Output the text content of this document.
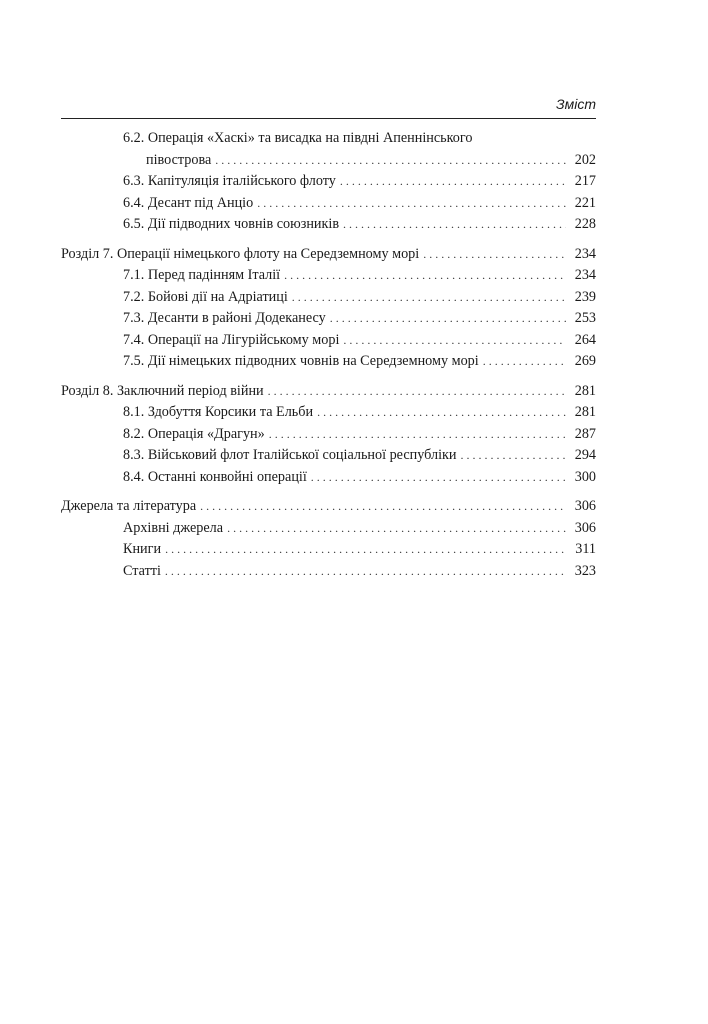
Зміст
6.2. Операція «Хаскі» та висадка на півдні Апеннінського
півострова . . .	202
6.3. Капітуляція італійського флоту . . .	217
6.4. Десант під Анціо . . .	221
6.5. Дії підводних човнів союзників . . .	228
Розділ 7. Операції німецького флоту на Середземному морі . . .	234
7.1. Перед падінням Італії . . .	234
7.2. Бойові дії на Адріатиці . . .	239
7.3. Десанти в районі Додеканесу . . .	253
7.4. Операції на Лігурійському морі . . .	264
7.5. Дії німецьких підводних човнів на Середземному морі . . .	269
Розділ 8. Заключний період війни . . .	281
8.1. Здобуття Корсики та Ельби . . .	281
8.2. Операція «Драгун» . . .	287
8.3. Військовий флот Італійської соціальної республіки . . .	294
8.4. Останні конвойні операції . . .	300
Джерела та література . . .	306
Архівні джерела . . .	306
Книги . . .	311
Статті . . .	323
